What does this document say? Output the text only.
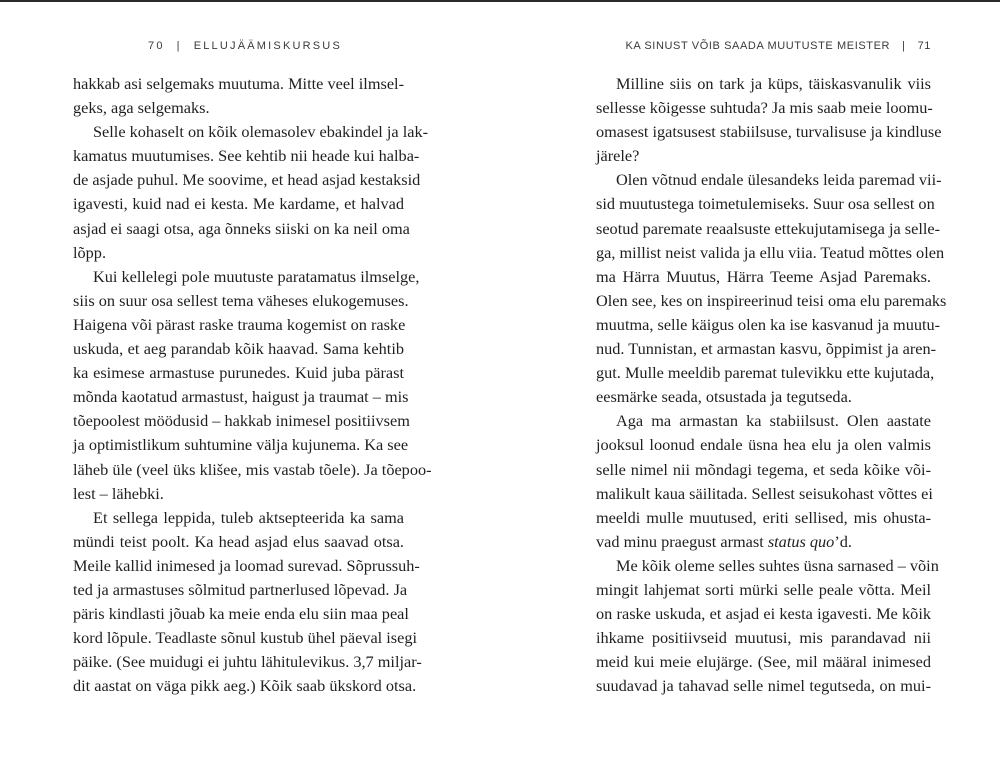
70 | ELLUJÄÄMISKURSUS
hakkab asi selgemaks muutuma. Mitte veel ilmsel-
geks, aga selgemaks.
Selle kohaselt on kõik olemasolev ebakindel ja lak-
kamatus muutumises. See kehtib nii heade kui halba-
de asjade puhul. Me soovime, et head asjad kestaksid
igavesti, kuid nad ei kesta. Me kardame, et halvad
asjad ei saagi otsa, aga õnneks siiski on ka neil oma
lõpp.
Kui kellelegi pole muutuste paratamatus ilmselge,
siis on suur osa sellest tema väheses elukogemuses.
Haigena või pärast raske trauma kogemist on raske
uskuda, et aeg parandab kõik haavad. Sama kehtib
ka esimese armastuse purunedes. Kuid juba pärast
mõnda kaotatud armastust, haigust ja traumat – mis
tõepoolest möödusid – hakkab inimesel positiivsem
ja optimistlikum suhtumine välja kujunema. Ka see
läheb üle (veel üks klišee, mis vastab tõele). Ja tõepoo-
lest – lähebki.
Et sellega leppida, tuleb aktsepteerida ka sama
mündi teist poolt. Ka head asjad elus saavad otsa.
Meile kallid inimesed ja loomad surevad. Sõprussuh-
ted ja armastuses sõlmitud partnerlused lõpevad. Ja
päris kindlasti jõuab ka meie enda elu siin maa peal
kord lõpule. Teadlaste sõnul kustub ühel päeval isegi
päike. (See muidugi ei juhtu lähitulevikus. 3,7 miljar-
dit aastat on väga pikk aeg.) Kõik saab ükskord otsa.
KA SINUST VÕIB SAADA MUUTUSTE MEISTER | 71
Milline siis on tark ja küps, täiskasvanulik viis
sellesse kõigesse suhtuda? Ja mis saab meie loomu-
omasest igatsusest stabiilsuse, turvalisuse ja kindluse
järele?
Olen võtnud endale ülesandeks leida paremad vii-
sid muutustega toimetulemiseks. Suur osa sellest on
seotud paremate reaalsuste ettekujutamisega ja selle-
ga, millist neist valida ja ellu viia. Teatud mõttes olen
ma Härra Muutus, Härra Teeme Asjad Paremaks.
Olen see, kes on inspireerinud teisi oma elu paremaks
muutma, selle käigus olen ka ise kasvanud ja muutu-
nud. Tunnistan, et armastan kasvu, õppimist ja aren-
gut. Mulle meeldib paremat tulevikku ette kujutada,
eesmärke seada, otsustada ja tegutseda.
Aga ma armastan ka stabiilsust. Olen aastate
jooksul loonud endale üsna hea elu ja olen valmis
selle nimel nii mõndagi tegema, et seda kõike või-
malikult kaua säilitada. Sellest seisukohast võttes ei
meeldi mulle muutused, eriti sellised, mis ohusta-
vad minu praegust armast status quo’d.
Me kõik oleme selles suhtes üsna sarnased – võin
mingit lahjemat sorti mürki selle peale võtta. Meil
on raske uskuda, et asjad ei kesta igavesti. Me kõik
ihkame positiivseid muutusi, mis parandavad nii
meid kui meie elujärge. (See, mil määral inimesed
suudavad ja tahavad selle nimel tegutseda, on mui-
